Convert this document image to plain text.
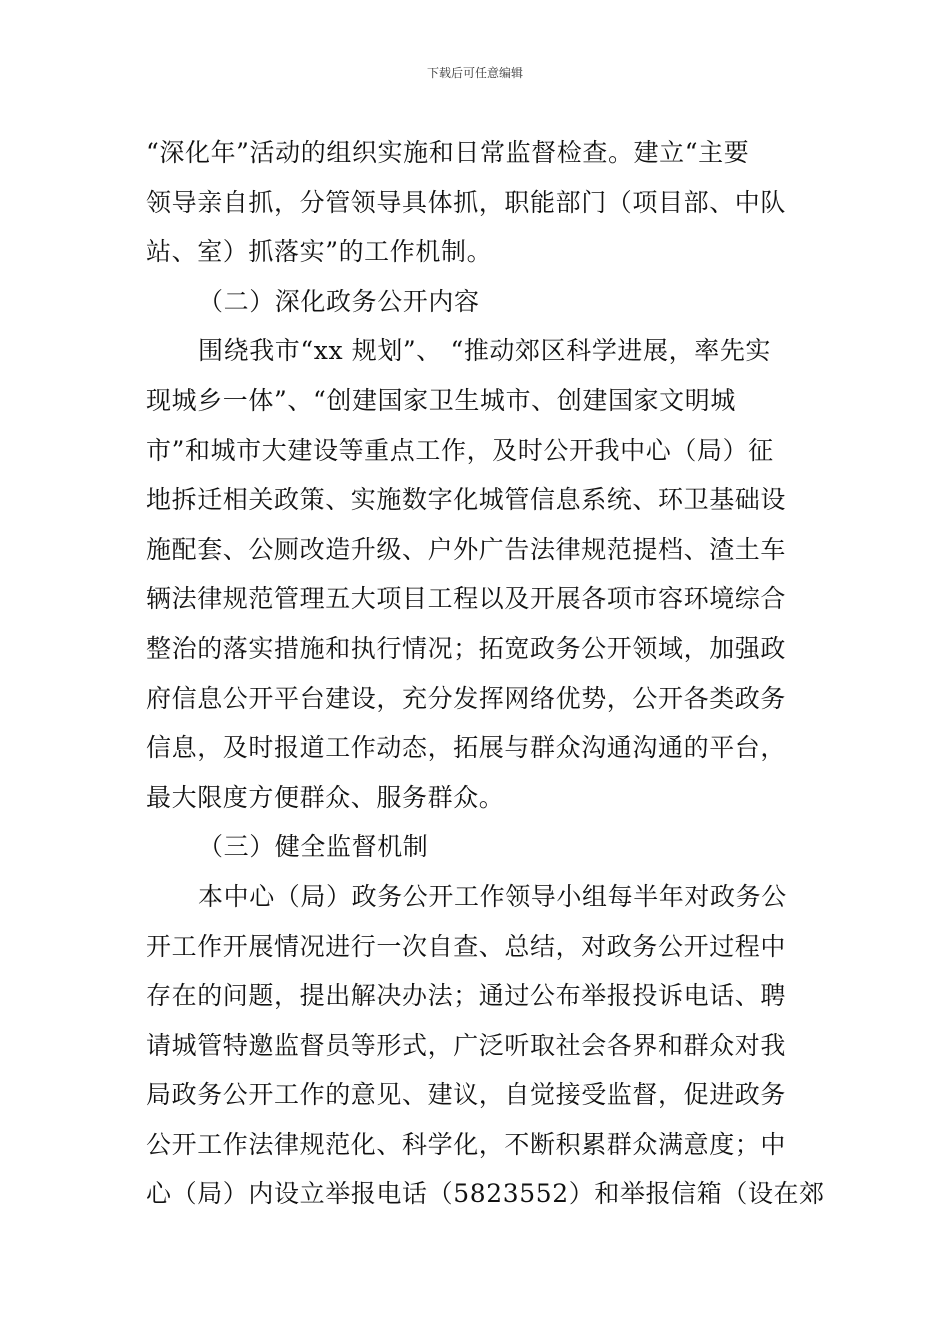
下载后可任意编辑
“深化年”活动的组织实施和日常监督检查。建立“主要
领导亲自抓，分管领导具体抓，职能部门（项目部、中队
站、室）抓落实”的工作机制。
（二）深化政务公开内容
围绕我市“xx 规划”、 “推动郊区科学进展，率先实
现城乡一体”、“创建国家卫生城市、创建国家文明城
市”和城市大建设等重点工作，及时公开我中心（局）征
地拆迁相关政策、实施数字化城管信息系统、环卫基础设
施配套、公厕改造升级、户外广告法律规范提档、渣土车
辆法律规范管理五大项目工程以及开展各项市容环境综合
整治的落实措施和执行情况；拓宽政务公开领域，加强政
府信息公开平台建设，充分发挥网络优势，公开各类政务
信息，及时报道工作动态，拓展与群众沟通沟通的平台，
最大限度方便群众、服务群众。
（三）健全监督机制
本中心（局）政务公开工作领导小组每半年对政务公
开工作开展情况进行一次自查、总结，对政务公开过程中
存在的问题，提出解决办法；通过公布举报投诉电话、聘
请城管特邀监督员等形式，广泛听取社会各界和群众对我
局政务公开工作的意见、建议，自觉接受监督，促进政务
公开工作法律规范化、科学化，不断积累群众满意度；中
心（局）内设立举报电话（5823552）和举报信箱（设在郊
